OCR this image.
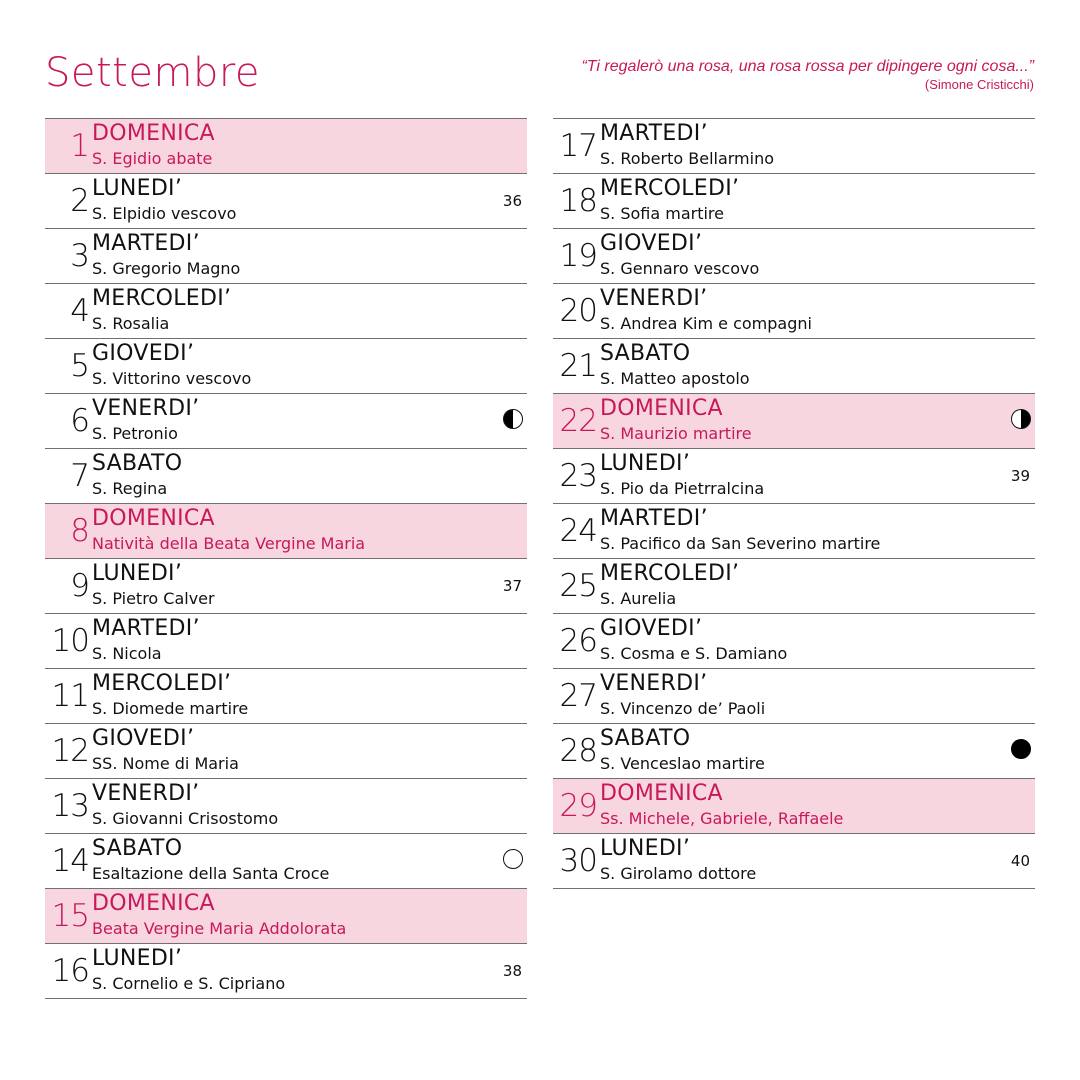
Settembre	“Ti regalerò una rosa, una rosa rossa per dipingere ogni cosa...”
(Simone Cristicchi)

1 DOMENICA
S. Egidio abate
2 LUNEDI’
S. Elpidio vescovo
36
3 MARTEDI’
S. Gregorio Magno
4 MERCOLEDI’
S. Rosalia
5 GIOVEDI’
S. Vittorino vescovo
6 VENERDI’
S. Petronio
7 SABATO
S. Regina
8 DOMENICA
Natività della Beata Vergine Maria
9 LUNEDI’
S. Pietro Calver
37
10 MARTEDI’
S. Nicola
11 MERCOLEDI’
S. Diomede martire
12 GIOVEDI’
SS. Nome di Maria
13 VENERDI’
S. Giovanni Crisostomo
14 SABATO
Esaltazione della Santa Croce
15 DOMENICA
Beata Vergine Maria Addolorata
16 LUNEDI’
S. Cornelio e S. Cipriano
38
17 MARTEDI’
S. Roberto Bellarmino
18 MERCOLEDI’
S. Sofia martire
19 GIOVEDI’
S. Gennaro vescovo
20 VENERDI’
S. Andrea Kim e compagni
21 SABATO
S. Matteo apostolo
22 DOMENICA
S. Maurizio martire
23 LUNEDI’
S. Pio da Pietrralcina
39
24 MARTEDI’
S. Pacifico da San Severino martire
25 MERCOLEDI’
S. Aurelia
26 GIOVEDI’
S. Cosma e S. Damiano
27 VENERDI’
S. Vincenzo de’ Paoli
28 SABATO
S. Venceslao martire
29 DOMENICA
Ss. Michele, Gabriele, Raffaele
30 LUNEDI’
S. Girolamo dottore
40
